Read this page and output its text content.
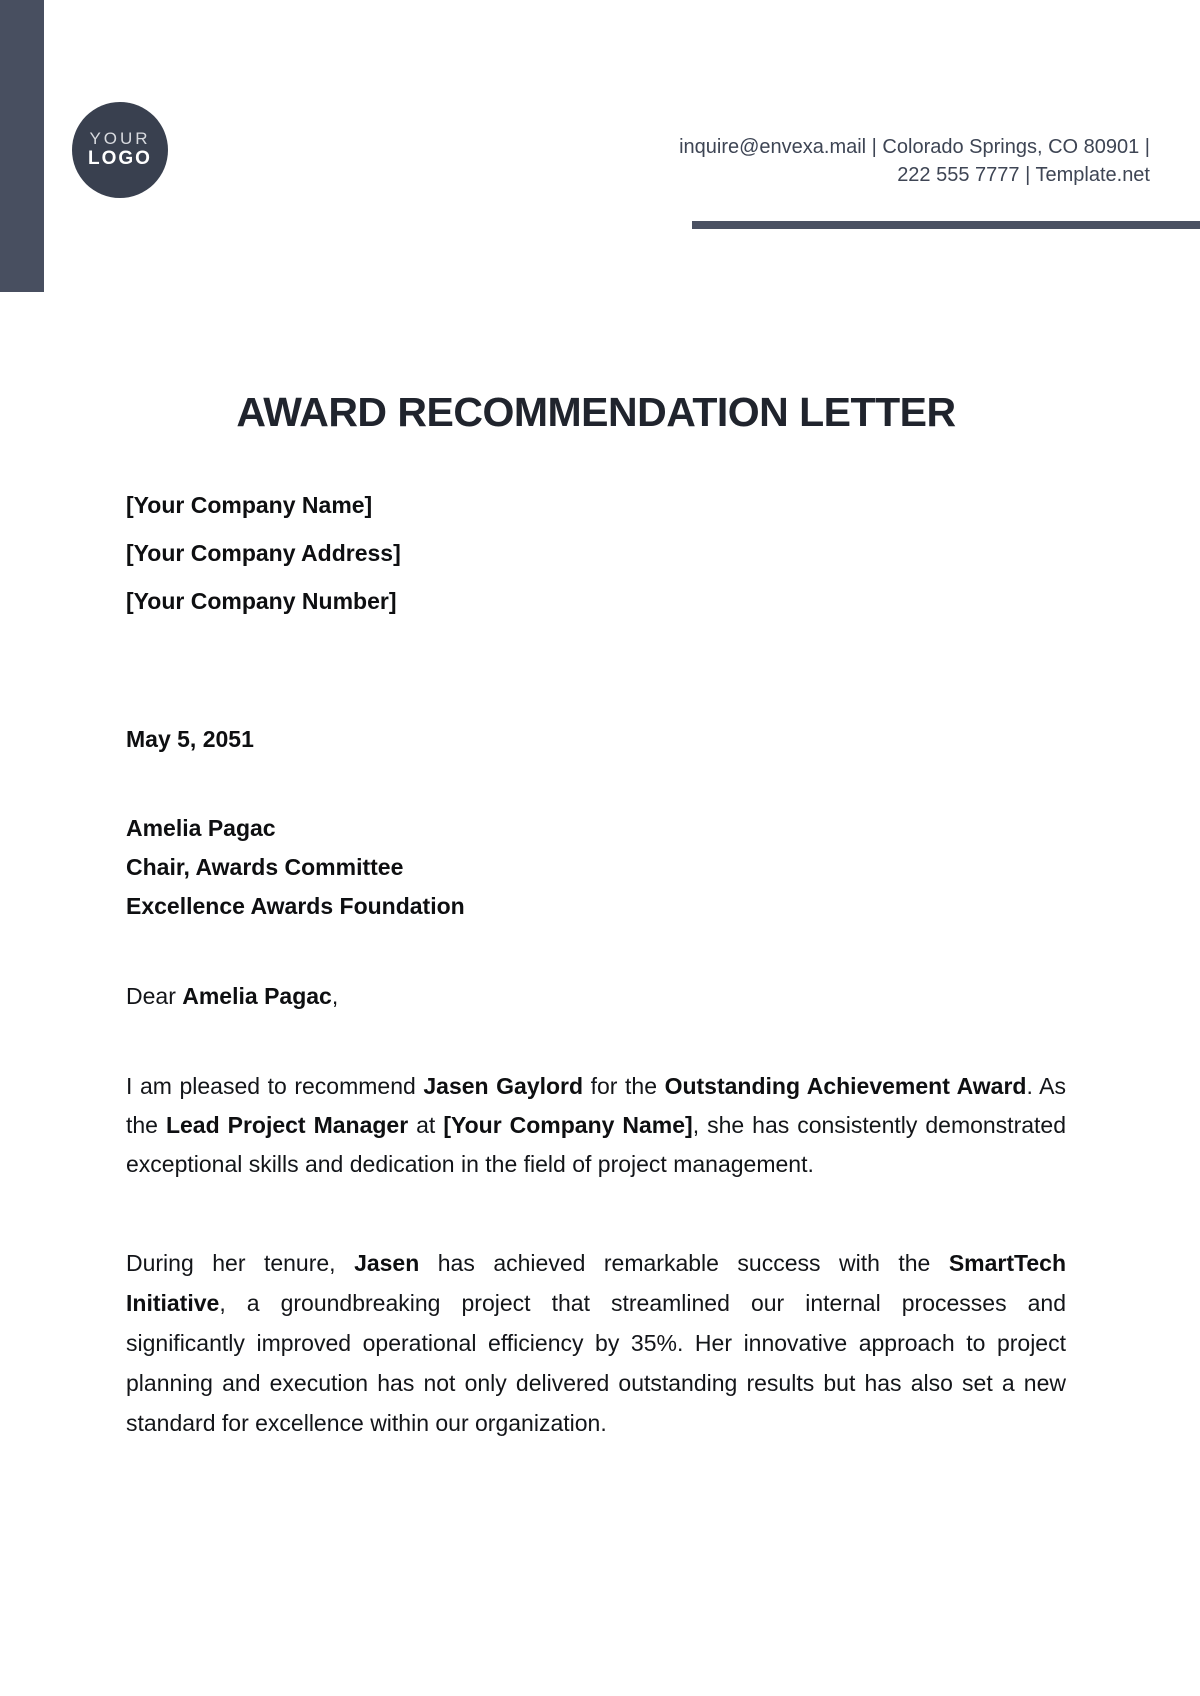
YOUR
LOGO
inquire@envexa.mail | Colorado Springs, CO 80901 |
222 555 7777 | Template.net
AWARD RECOMMENDATION LETTER

[Your Company Name]

[Your Company Address]

[Your Company Number]

May 5, 2051

Amelia Pagac

Chair, Awards Committee

Excellence Awards Foundation

Dear Amelia Pagac,
I am pleased to recommend Jasen Gaylord for the Outstanding Achievement Award. As
the Lead Project Manager at [Your Company Name], she has consistently demonstrated
exceptional skills and dedication in the field of project management.
During her tenure, Jasen has achieved remarkable success with the SmartTech
Initiative, a groundbreaking project that streamlined our internal processes and
significantly improved operational efficiency by 35%. Her innovative approach to project
planning and execution has not only delivered outstanding results but has also set a new
standard for excellence within our organization.
